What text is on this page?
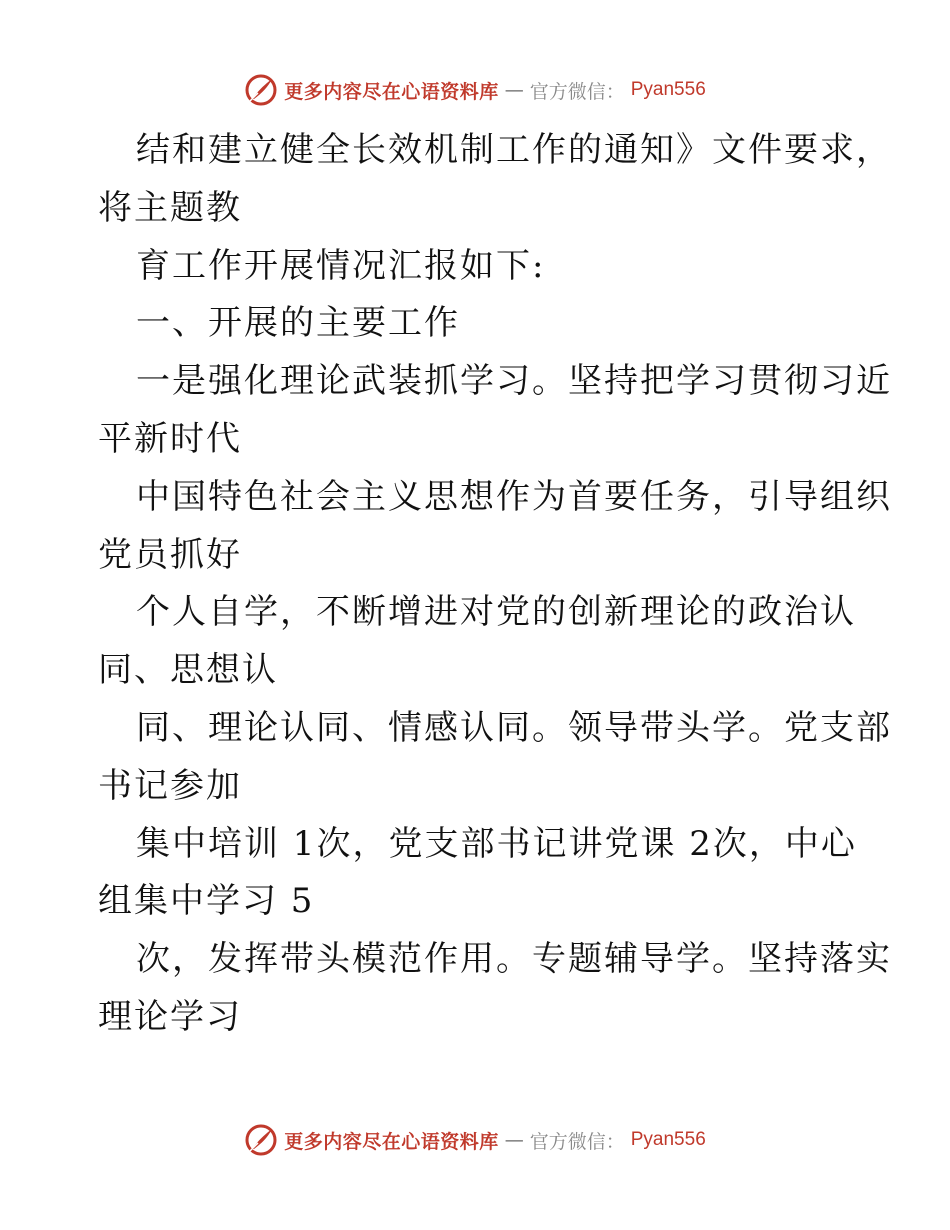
更多内容尽在心语资料库 — 官方微信： Pyan556
结和建立健全长效机制工作的通知》文件要求，
将主题教
育工作开展情况汇报如下:
一、开展的主要工作
一是强化理论武装抓学习。坚持把学习贯彻习近
平新时代
中国特色社会主义思想作为首要任务，引导组织
党员抓好
个人自学，不断增进对党的创新理论的政治认
同、思想认
同、理论认同、情感认同。领导带头学。党支部
书记参加
集中培训 1次，党支部书记讲党课 2次，中心
组集中学习 5
次，发挥带头模范作用。专题辅导学。坚持落实
理论学习
更多内容尽在心语资料库 — 官方微信： Pyan556
